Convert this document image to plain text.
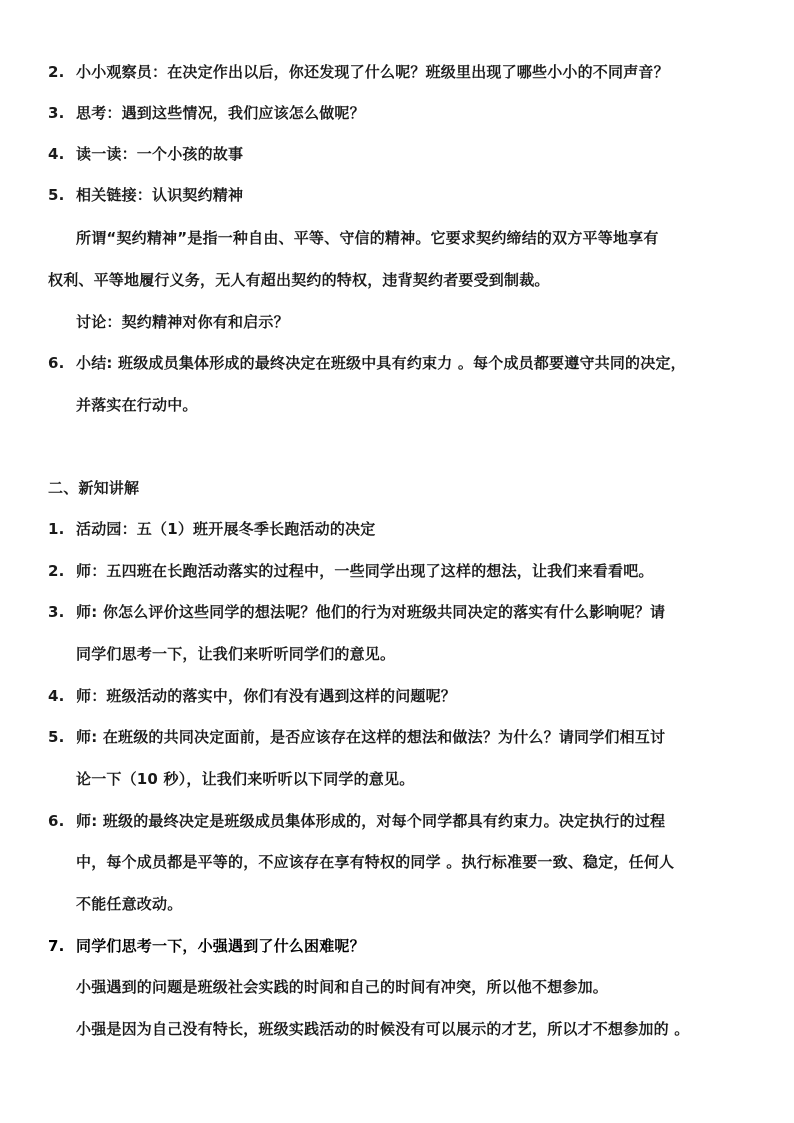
2. 小小观察员：在决定作出以后，你还发现了什么呢？班级里出现了哪些小小的不同声音？
3. 思考：遇到这些情况，我们应该怎么做呢？
4. 读一读：一个小孩的故事
5. 相关链接：认识契约精神
所谓“契约精神”是指一种自由、平等、守信的精神。它要求契约缔结的双方平等地享有
权利、平等地履行义务，无人有超出契约的特权，违背契约者要受到制裁。
讨论：契约精神对你有和启示？
6. 小结: 班级成员集体形成的最终决定在班级中具有约束力 。每个成员都要遵守共同的决定，
并落实在行动中。
二、新知讲解
1. 活动园：五（1）班开展冬季长跑活动的决定
2. 师：五四班在长跑活动落实的过程中，一些同学出现了这样的想法，让我们来看看吧。
3. 师: 你怎么评价这些同学的想法呢？他们的行为对班级共同决定的落实有什么影响呢？请
同学们思考一下，让我们来听听同学们的意见。
4. 师：班级活动的落实中，你们有没有遇到这样的问题呢？
5. 师: 在班级的共同决定面前，是否应该存在这样的想法和做法？为什么？请同学们相互讨
论一下（10 秒），让我们来听听以下同学的意见。
6. 师: 班级的最终决定是班级成员集体形成的，对每个同学都具有约束力。决定执行的过程
中，每个成员都是平等的，不应该存在享有特权的同学 。执行标准要一致、稳定，任何人
不能任意改动。
7. 同学们思考一下，小强遇到了什么困难呢？
小强遇到的问题是班级社会实践的时间和自己的时间有冲突，所以他不想参加。
小强是因为自己没有特长，班级实践活动的时候没有可以展示的才艺，所以才不想参加的 。
